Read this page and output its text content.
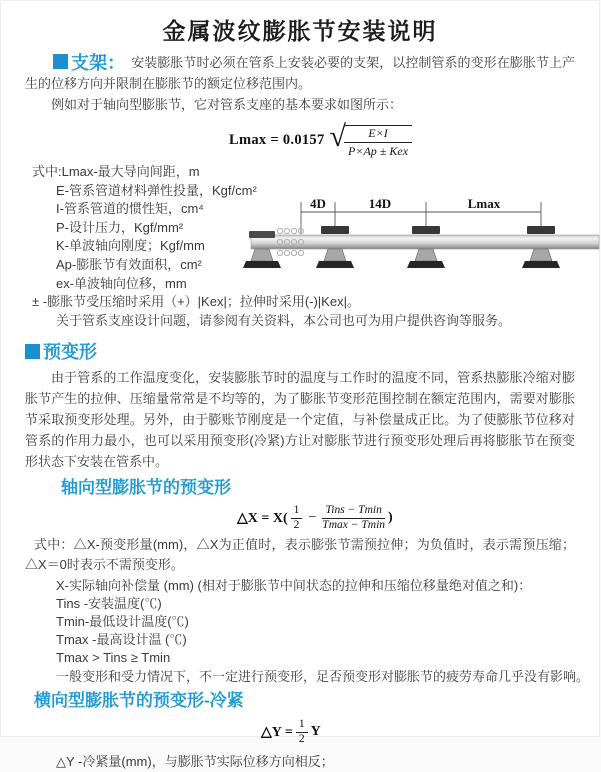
金属波纹膨胀节安装说明

支架： 安装膨胀节时必须在管系上安装必要的支架，以控制管系的变形在膨胀节上产生的位移方向并限制在膨胀节的额定位移范围内。

例如对于轴向型膨胀节，它对管系支座的基本要求如图所示：

Lmax = 0.0157 √
$\frac{E\times I}{\text{P×Ap ± Kex}}$
式中:Lmax-最大导向间距，m
E-管系管道材料弹性投量，Kgf/cm²
I-管系管道的惯性矩，cm⁴
P-设计压力，Kgf/mm²
K-单波轴向刚度；Kgf/mm
Ap-膨胀节有效面积，cm²
ex-单波轴向位移，mm
± -膨胀节受压缩时采用（+）|Kex|；拉伸时采用(-)|Kex|。
关于管系支座设计问题，请参阅有关资料，本公司也可为用户提供咨询等服务。
4D	14D	Lmax
预变形

由于管系的工作温度变化，安装膨胀节时的温度与工作时的温度不同，管系热膨胀冷缩对膨胀节产生的拉伸、压缩量常常是不均等的，为了膨胀节变形范围控制在额定范围内，需要对膨胀节采取预变形处理。另外，由于膨账节刚度是一个定值，与补偿量成正比。为了使膨胀节位移对管系的作用力最小，也可以采用预变形(冷紧)方让对膨胀节进行预变形处理后再将膨胀节在预变形状态下安装在管系中。

轴向型膨胀节的预变形
△X = $X( \frac{1}{2} - \frac{\text{Tins − Tmin}}{Tmax - Tmin}$ )

式中：△X-预变形量(mm)，△X为正值时，表示膨张节需预拉伸；为负值时，表示需预压缩；△X＝0时表示不需预变形。

X-实际轴向补偿量 (mm) (相对于膨胀节中间状态的拉伸和压缩位移量绝对值之和)：
Tins -安装温度(℃)
Tmin-最低设计温度(℃)
Tmax -最高设计温 (℃)
Tmax > Tins ≥ Tmin
一般变形和受力情况下，不一定进行预变形，足否预变形对膨胀节的疲劳寿命几乎没有影响。
横向型膨胀节的预变形-冷紧
△Y = $\frac{1}{2}$ Y
△Y -冷紧量(mm)，与膨胀节实际位移方向相反；
